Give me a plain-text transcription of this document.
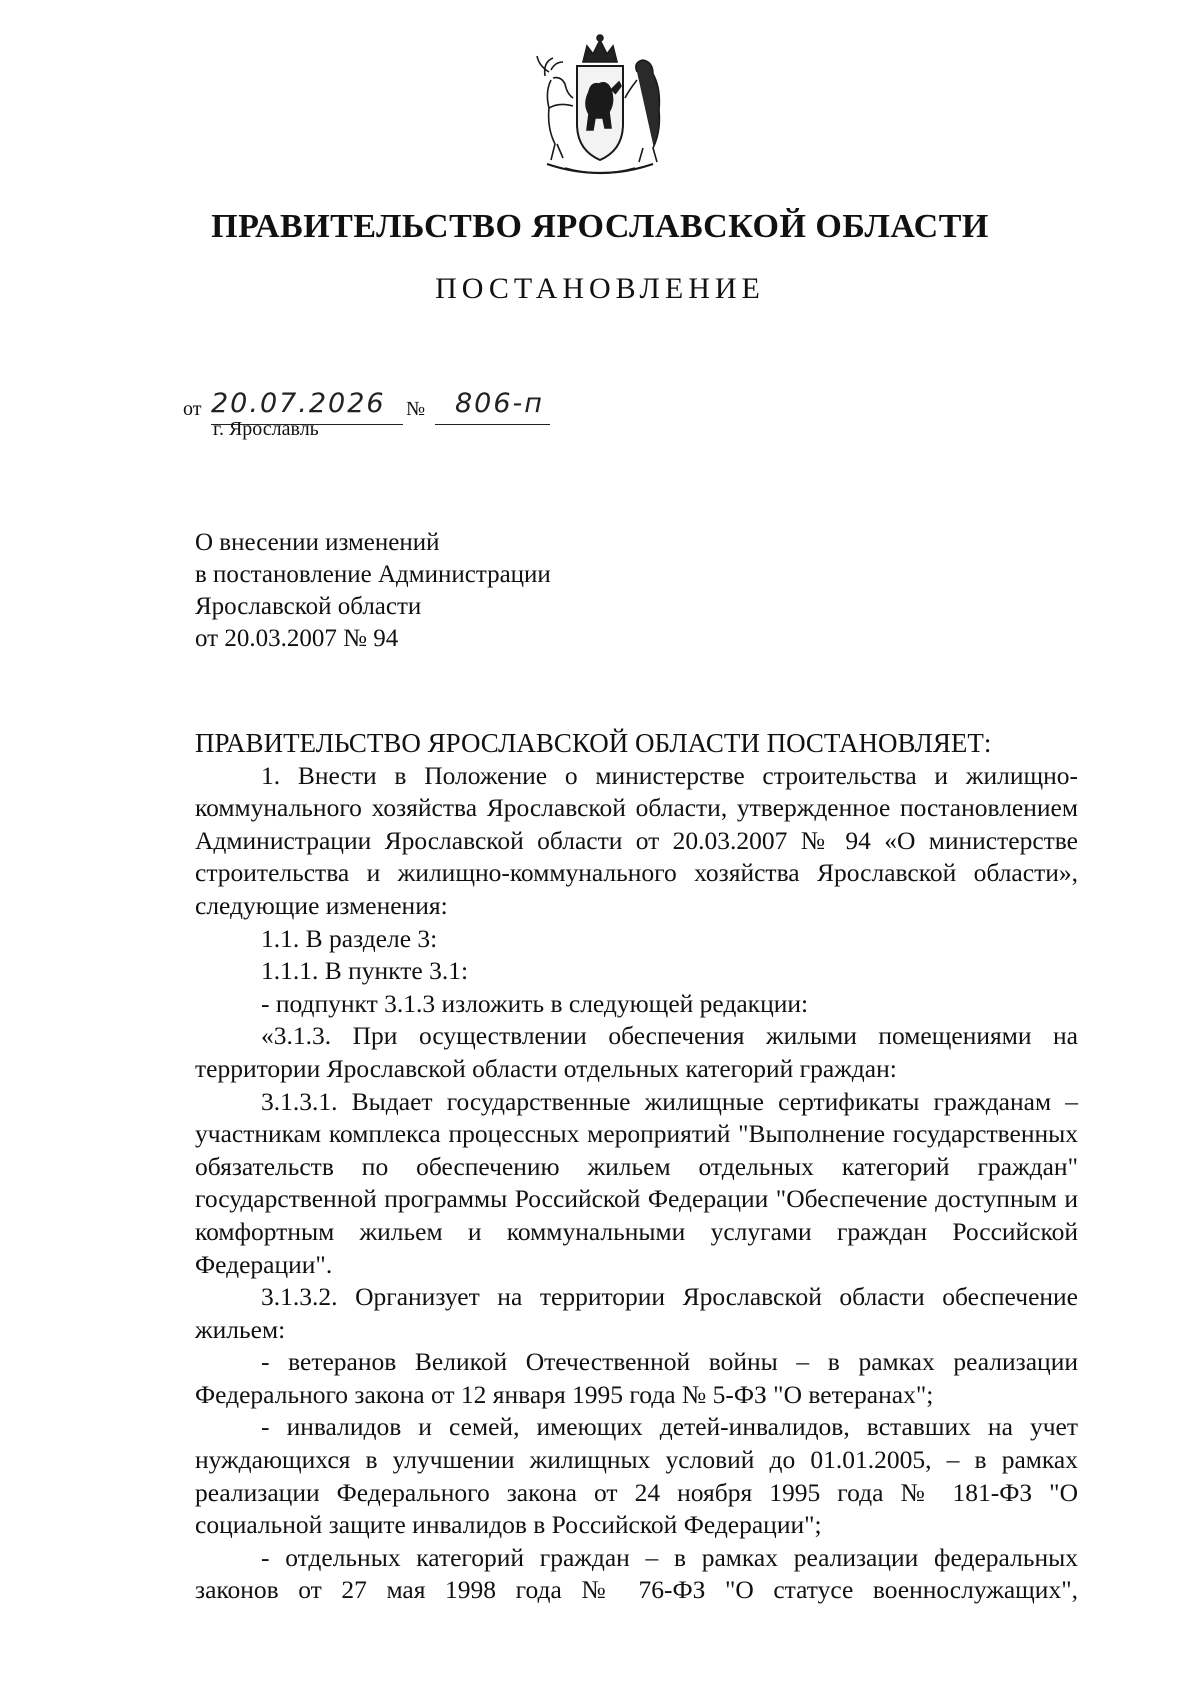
ПРАВИТЕЛЬСТВО ЯРОСЛАВСКОЙ ОБЛАСТИ
ПОСТАНОВЛЕНИЕ
от 20.07.2026 № 806-п
г. Ярославль
О внесении изменений
в постановление Администрации
Ярославской области
от 20.03.2007 № 94
ПРАВИТЕЛЬСТВО ЯРОСЛАВСКОЙ ОБЛАСТИ ПОСТАНОВЛЯЕТ:

1. Внести в Положение о министерстве строительства и жилищно-коммунального хозяйства Ярославской области, утвержденное постановлением Администрации Ярославской области от 20.03.2007 № 94 «О министерстве строительства и жилищно-коммунального хозяйства Ярославской области», следующие изменения:

1.1. В разделе 3:

1.1.1. В пункте 3.1:

- подпункт 3.1.3 изложить в следующей редакции:

«3.1.3. При осуществлении обеспечения жилыми помещениями на территории Ярославской области отдельных категорий граждан:

3.1.3.1. Выдает государственные жилищные сертификаты гражданам – участникам комплекса процессных мероприятий "Выполнение государственных обязательств по обеспечению жильем отдельных категорий граждан" государственной программы Российской Федерации "Обеспечение доступным и комфортным жильем и коммунальными услугами граждан Российской Федерации".

3.1.3.2. Организует на территории Ярославской области обеспечение жильем:

- ветеранов Великой Отечественной войны – в рамках реализации Федерального закона от 12 января 1995 года № 5-ФЗ "О ветеранах";

- инвалидов и семей, имеющих детей-инвалидов, вставших на учет нуждающихся в улучшении жилищных условий до 01.01.2005, – в рамках реализации Федерального закона от 24 ноября 1995 года № 181-ФЗ "О социальной защите инвалидов в Российской Федерации";

- отдельных категорий граждан – в рамках реализации федеральных законов от 27 мая 1998 года № 76-ФЗ "О статусе военнослужащих",
